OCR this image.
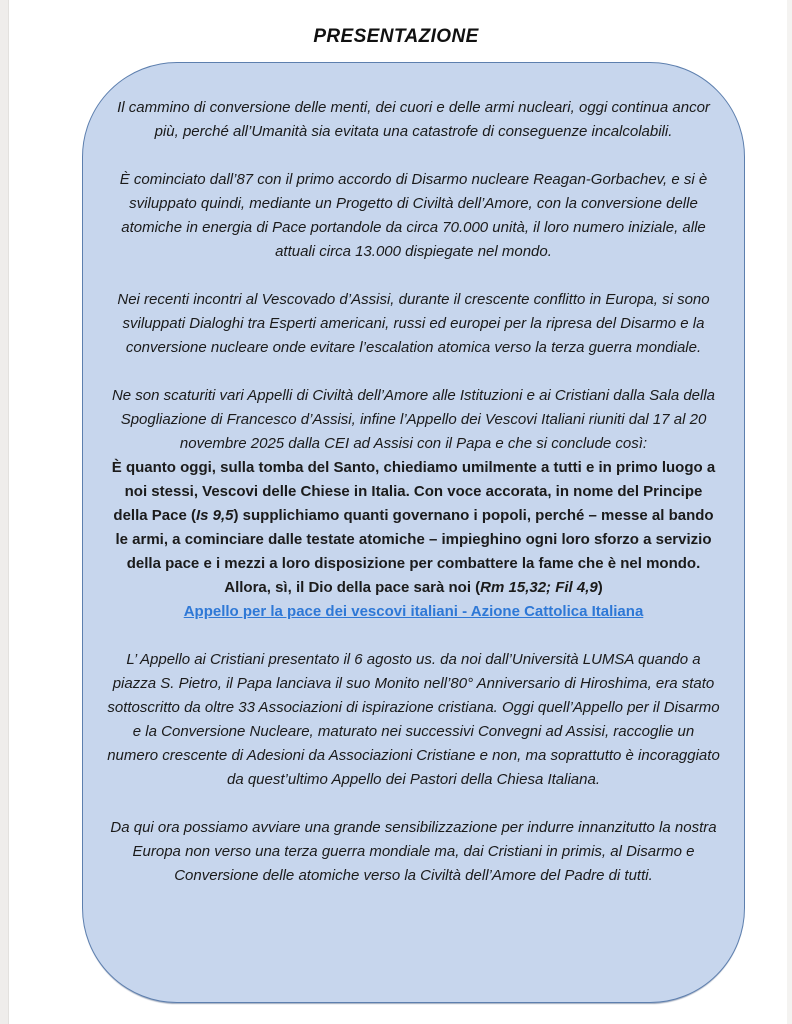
PRESENTAZIONE

Il cammino di conversione delle menti, dei cuori e delle armi nucleari, oggi continua ancor più, perché all’Umanità sia evitata una catastrofe di conseguenze incalcolabili.

È cominciato dall’87 con il primo accordo di Disarmo nucleare Reagan-Gorbachev, e si è sviluppato quindi, mediante un Progetto di Civiltà dell’Amore, con la conversione delle atomiche in energia di Pace portandole da circa 70.000 unità, il loro numero iniziale, alle attuali circa 13.000 dispiegate nel mondo.

Nei recenti incontri al Vescovado d’Assisi, durante il crescente conflitto in Europa, si sono sviluppati Dialoghi tra Esperti americani, russi ed europei per la ripresa del Disarmo e la conversione nucleare onde evitare l’escalation atomica verso la terza guerra mondiale.

Ne son scaturiti vari Appelli di Civiltà dell’Amore alle Istituzioni e ai Cristiani dalla Sala della Spogliazione di Francesco d’Assisi, infine l’Appello dei Vescovi Italiani riuniti dal 17 al 20 novembre 2025 dalla CEI ad Assisi con il Papa e che si conclude così:

È quanto oggi, sulla tomba del Santo, chiediamo umilmente a tutti e in primo luogo a noi stessi, Vescovi delle Chiese in Italia. Con voce accorata, in nome del Principe della Pace (Is 9,5) supplichiamo quanti governano i popoli, perché – messe al bando le armi, a cominciare dalle testate atomiche – impieghino ogni loro sforzo a servizio della pace e i mezzi a loro disposizione per combattere la fame che è nel mondo. Allora, sì, il Dio della pace sarà noi (Rm 15,32; Fil 4,9)

Appello per la pace dei vescovi italiani - Azione Cattolica Italiana

L’ Appello ai Cristiani presentato il 6 agosto us. da noi dall’Università LUMSA quando a piazza S. Pietro, il Papa lanciava il suo Monito nell’80° Anniversario di Hiroshima, era stato sottoscritto da oltre 33 Associazioni di ispirazione cristiana. Oggi quell’Appello per il Disarmo e la Conversione Nucleare, maturato nei successivi Convegni ad Assisi, raccoglie un numero crescente di Adesioni da Associazioni Cristiane e non, ma soprattutto è incoraggiato da quest’ultimo Appello dei Pastori della Chiesa Italiana.

Da qui ora possiamo avviare una grande sensibilizzazione per indurre innanzitutto la nostra Europa non verso una terza guerra mondiale ma, dai Cristiani in primis, al Disarmo e Conversione delle atomiche verso la Civiltà dell’Amore del Padre di tutti.
